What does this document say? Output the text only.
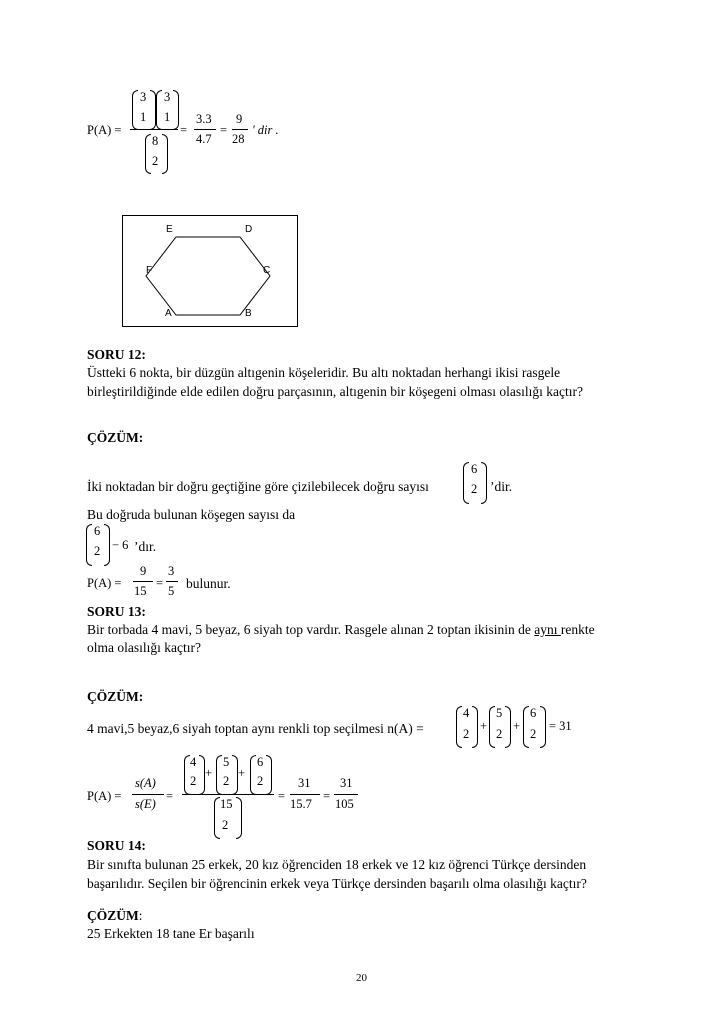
P(A) =
3
1
3
1
8
2
=
3.3
4.7
=
9
28
' dir .
E	D
F	C
A	B
SORU 12:
Üstteki 6 nokta, bir düzgün altıgenin köşeleridir. Bu altı noktadan herhangi ikisi rasgele
birleştirildiğinde elde edilen doğru parçasının, altıgenin bir köşegeni olması olasılığı kaçtır?
ÇÖZÜM:
İki noktadan bir doğru geçtiğine göre çizilebilecek doğru sayısı
6
2 ’dir.
Bu doğruda bulunan köşegen sayısı da
6
2 − 6 ’dır.
P(A) =
9
15
=
3
5 bulunur.
SORU 13:
Bir torbada 4 mavi, 5 beyaz, 6 siyah top vardır. Rasgele alınan 2 toptan ikisinin de aynı renkte
olma olasılığı kaçtır?
ÇÖZÜM:
4 mavi,5 beyaz,6 siyah toptan aynı renkli top seçilmesi n(A) =
4
2
+
5
2
+
6
2
= 31
P(A) =
s(A)
s(E)
=
4
2
+
5
2
+
6
2
15
2
=
31
15.7
=
31
105
SORU 14:
Bir sınıfta bulunan 25 erkek, 20 kız öğrenciden 18 erkek ve 12 kız öğrenci Türkçe dersinden
başarılıdır. Seçilen bir öğrencinin erkek veya Türkçe dersinden başarılı olma olasılığı kaçtır?
ÇÖZÜM:
25 Erkekten 18 tane Er başarılı
20
